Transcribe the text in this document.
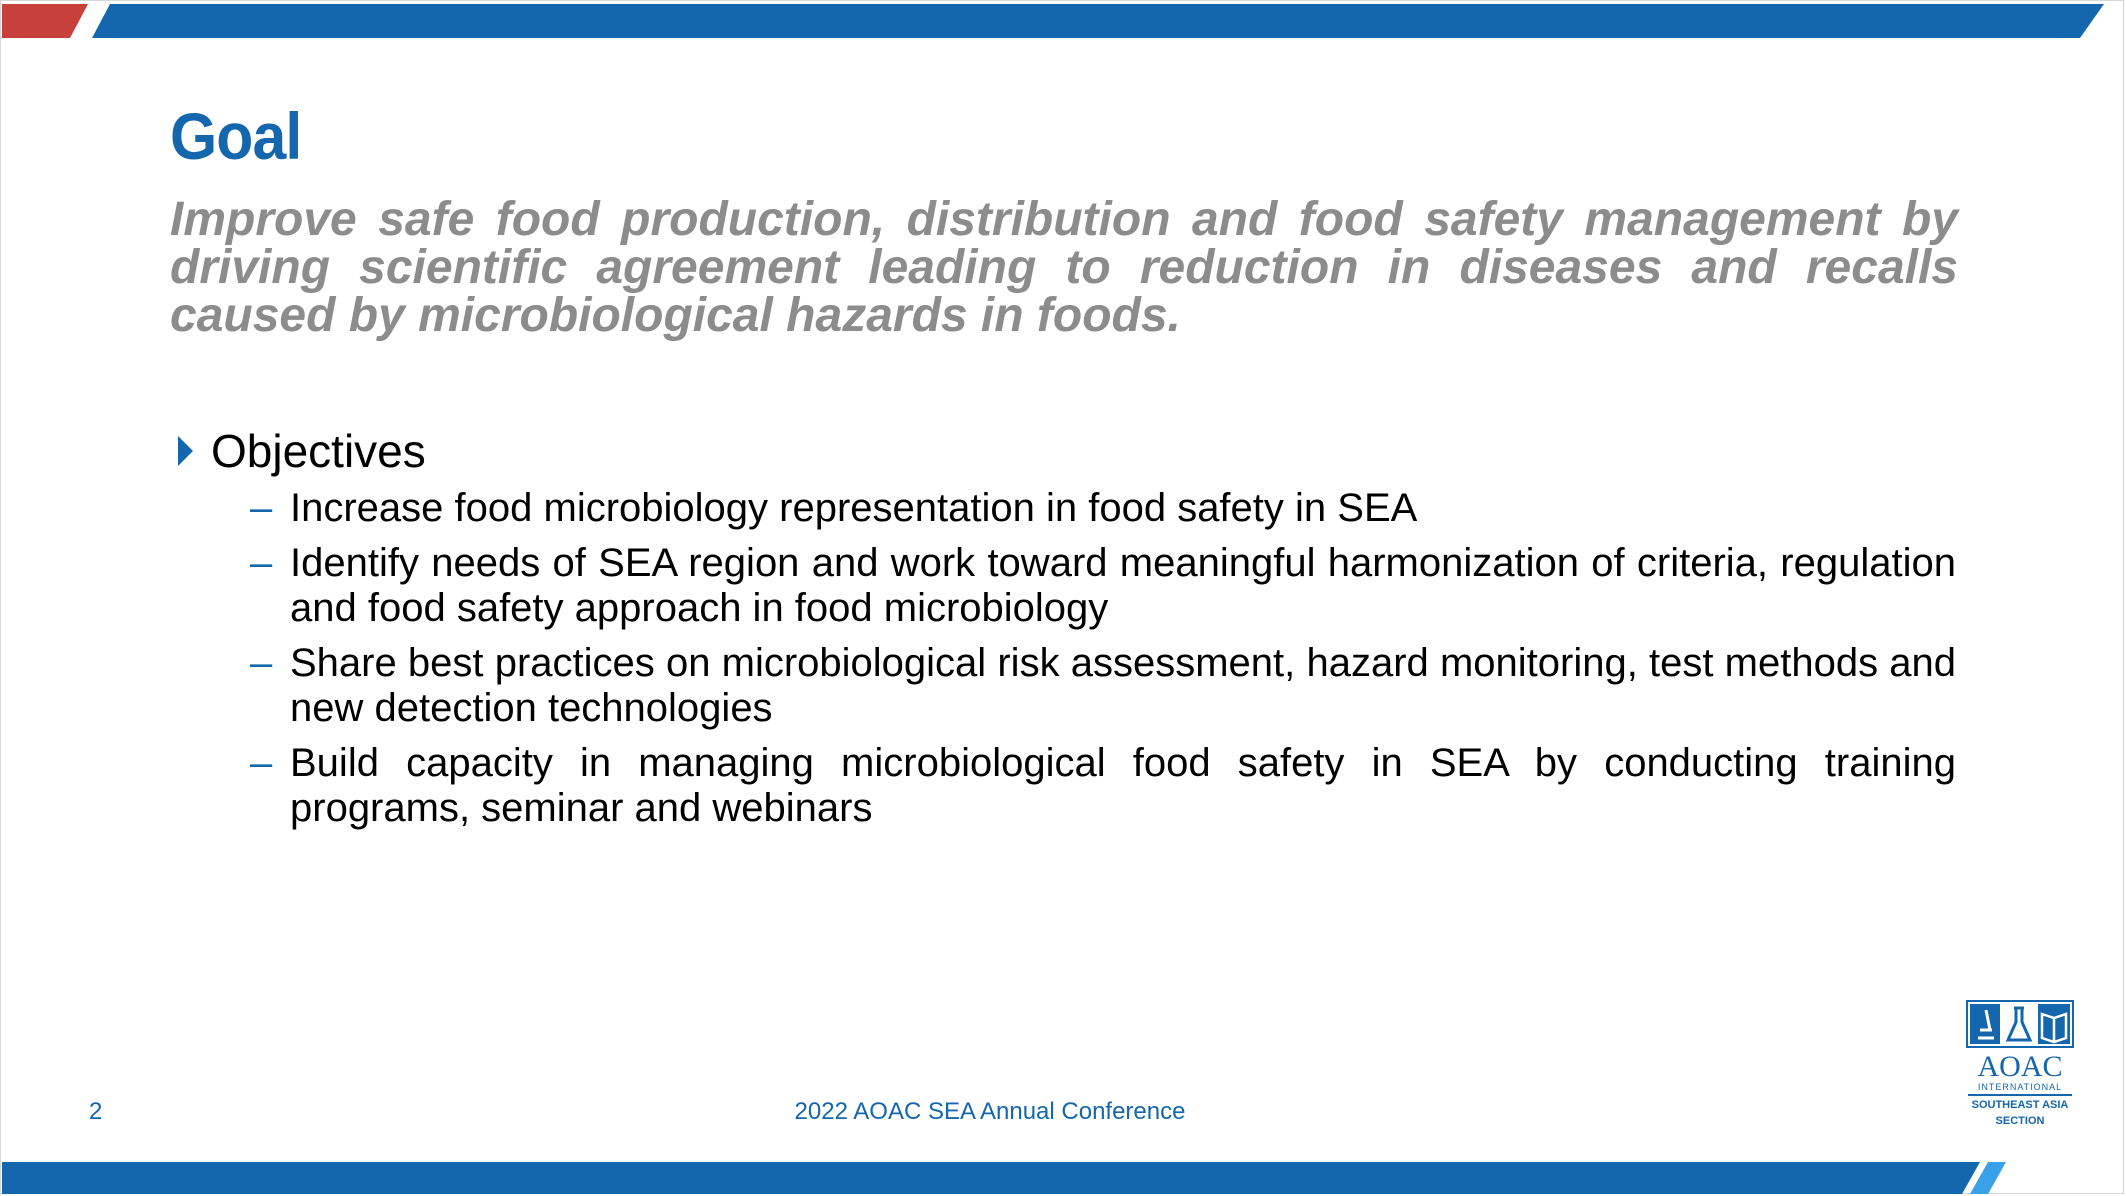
Goal
Improve safe food production, distribution and food safety management by driving scientific agreement leading to reduction in diseases and recalls caused by microbiological hazards in foods.
Objectives
– Increase food microbiology representation in food safety in SEA
– Identify needs of SEA region and work toward meaningful harmonization of criteria, regulation and food safety approach in food microbiology
– Share best practices on microbiological risk assessment, hazard monitoring, test methods and new detection technologies
– Build capacity in managing microbiological food safety in SEA by conducting training programs, seminar and webinars
2	2022 AOAC SEA Annual Conference
AOAC
INTERNATIONAL
SOUTHEAST ASIA
SECTION
